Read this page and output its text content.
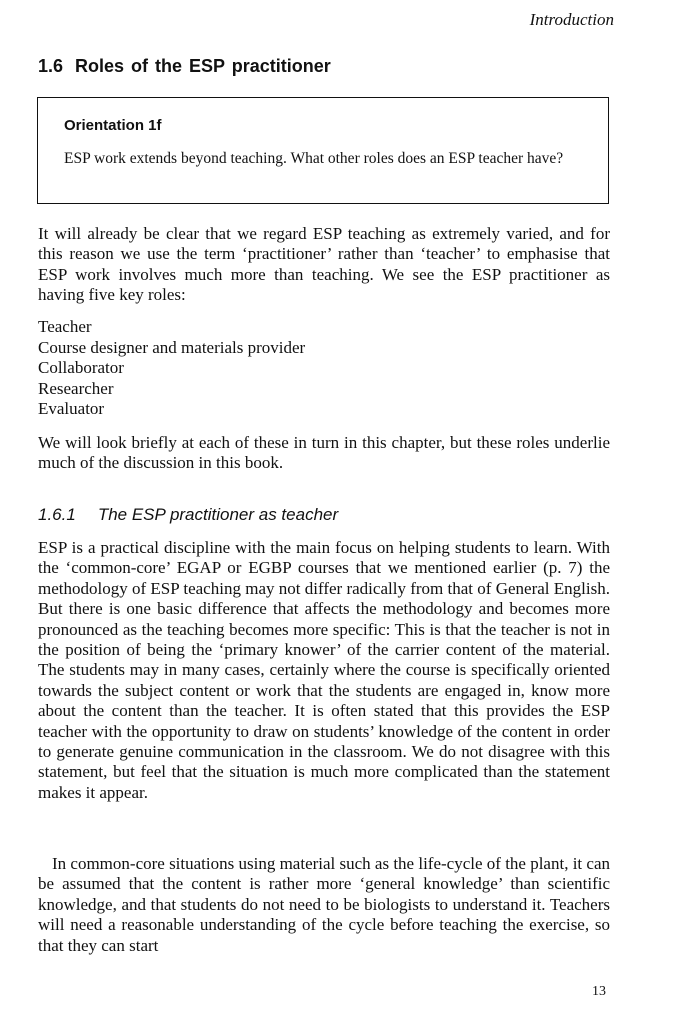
Introduction
1.6 Roles of the ESP practitioner
Orientation 1f
ESP work extends beyond teaching. What other roles does an ESP teacher have?

It will already be clear that we regard ESP teaching as extremely varied, and for this reason we use the term ‘practitioner’ rather than ‘teacher’ to emphasise that ESP work involves much more than teaching. We see the ESP practitioner as having five key roles:

Teacher
Course designer and materials provider
Collaborator
Researcher
Evaluator

We will look briefly at each of these in turn in this chapter, but these roles underlie much of the discussion in this book.

1.6.1 The ESP practitioner as teacher

ESP is a practical discipline with the main focus on helping students to learn. With the ‘common-core’ EGAP or EGBP courses that we mentioned earlier (p. 7) the methodology of ESP teaching may not differ radically from that of General English. But there is one basic difference that affects the methodology and becomes more pronounced as the teaching becomes more specific: This is that the teacher is not in the position of being the ‘primary knower’ of the carrier content of the material. The students may in many cases, certainly where the course is specifically oriented towards the subject content or work that the students are engaged in, know more about the content than the teacher. It is often stated that this provides the ESP teacher with the opportunity to draw on students’ knowledge of the content in order to generate genuine communication in the classroom. We do not disagree with this statement, but feel that the situation is much more complicated than the statement makes it appear.

In common-core situations using material such as the life-cycle of the plant, it can be assumed that the content is rather more ‘general knowledge’ than scientific knowledge, and that students do not need to be biologists to understand it. Teachers will need a reasonable understanding of the cycle before teaching the exercise, so that they can start

13
